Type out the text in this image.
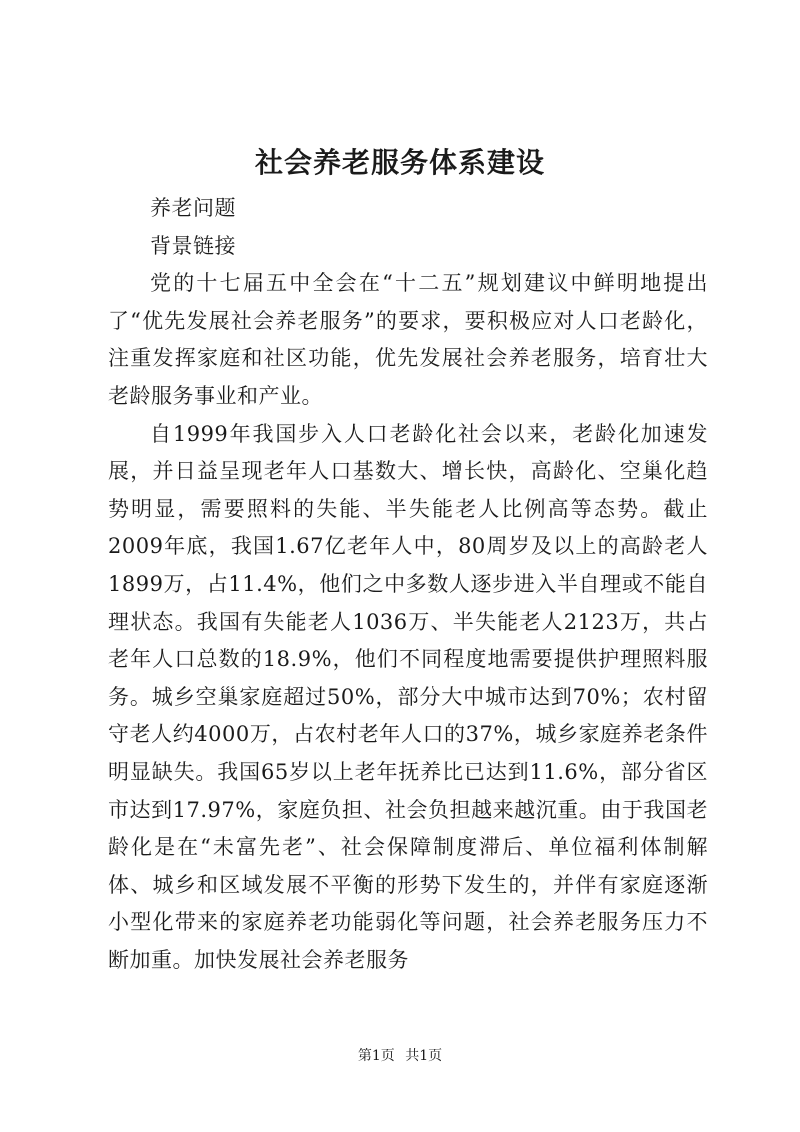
社会养老服务体系建设

养老问题

背景链接

党的十七届五中全会在“十二五”规划建议中鲜明地提出了“优先发展社会养老服务”的要求，要积极应对人口老龄化，注重发挥家庭和社区功能，优先发展社会养老服务，培育壮大老龄服务事业和产业。

自1999年我国步入人口老龄化社会以来，老龄化加速发展，并日益呈现老年人口基数大、增长快，高龄化、空巢化趋势明显，需要照料的失能、半失能老人比例高等态势。截止2009年底，我国1.67亿老年人中，80周岁及以上的高龄老人1899万，占11.4%，他们之中多数人逐步进入半自理或不能自理状态。我国有失能老人1036万、半失能老人2123万，共占老年人口总数的18.9%，他们不同程度地需要提供护理照料服务。城乡空巢家庭超过50%，部分大中城市达到70%；农村留守老人约4000万，占农村老年人口的37%，城乡家庭养老条件明显缺失。我国65岁以上老年抚养比已达到11.6%，部分省区市达到17.97%，家庭负担、社会负担越来越沉重。由于我国老龄化是在“未富先老”、社会保障制度滞后、单位福利体制解体、城乡和区域发展不平衡的形势下发生的，并伴有家庭逐渐小型化带来的家庭养老功能弱化等问题，社会养老服务压力不断加重。加快发展社会养老服务

第1页 共1页
